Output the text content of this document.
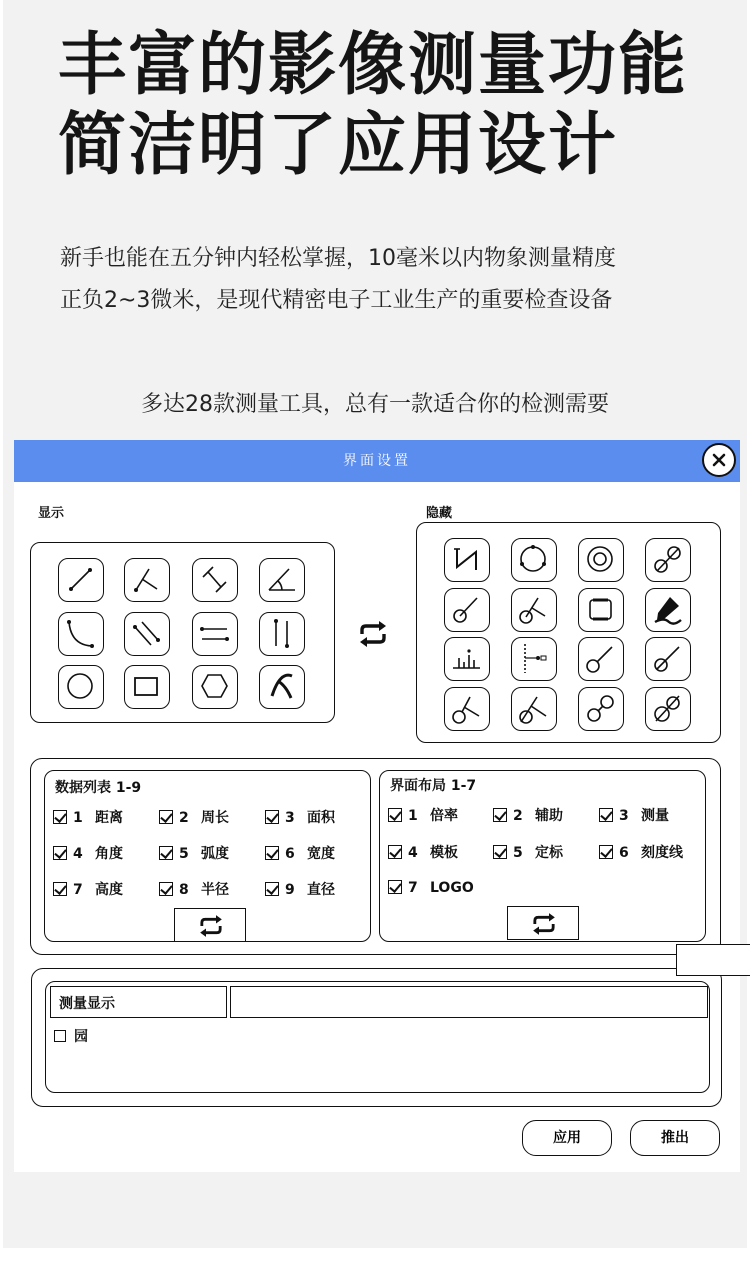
丰富的影像测量功能
简洁明了应用设计
新手也能在五分钟内轻松掌握，10毫米以内物象测量精度
正负2~3微米，是现代精密电子工业生产的重要检查设备
多达28款测量工具，总有一款适合你的检测需要
界面设置
显示	隐藏
数据列表 1-9
1 距离	2 周长	3 面积
4 角度	5 弧度	6 宽度
7 高度	8 半径	9 直径
界面布局 1-7
1 倍率	2 辅助	3 测量
4 模板	5 定标	6 刻度线
7 LOGO
测量显示
园
应用	推出
